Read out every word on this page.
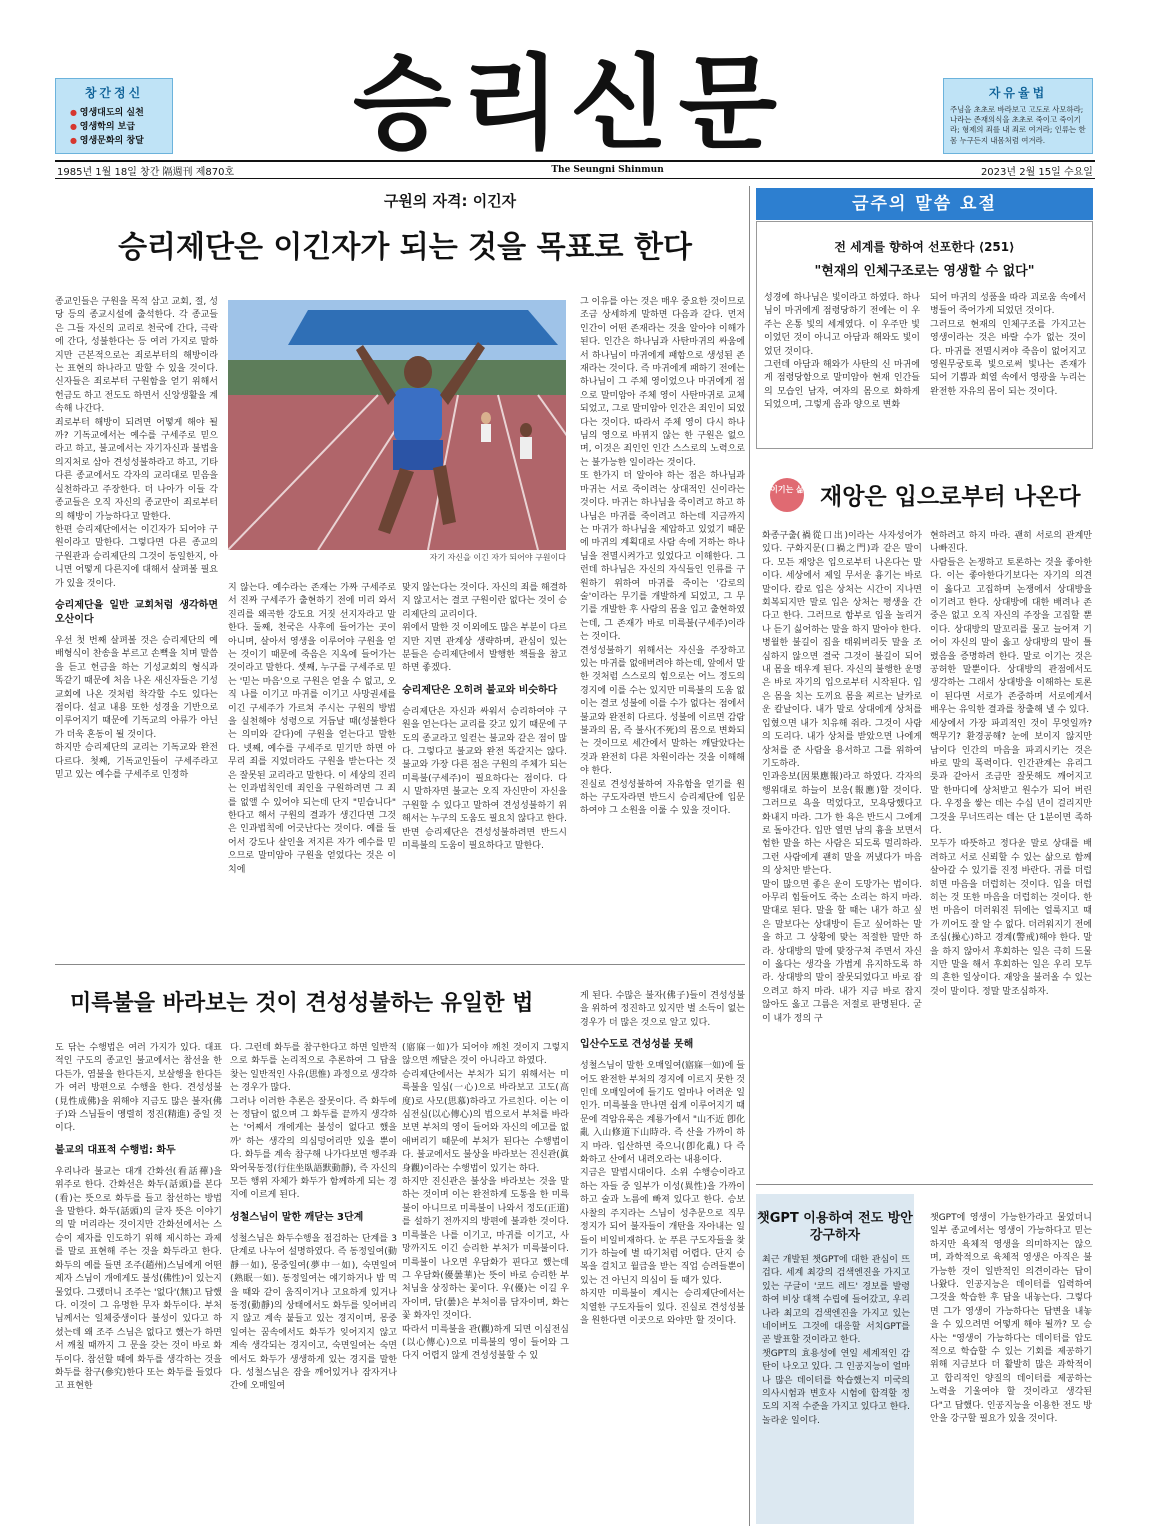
창간정신
● 영생대도의 실천
● 영생학의 보급
● 영생문화의 창달	승리신문	자유율법
주님을 초초로 바라보고 고도로 사모하라; 나라는 존재의식을 초초로 죽이고 죽이기라; 형제의 죄를 내 죄로 여겨라; 인류는 한 몸 누구든지 내몸처럼 여겨라.
1985년 1월 18일 창간 隔週刊 제870호	The Seungni Shinmun	2023년 2월 15일 수요일
구원의 자격: 이긴자
승리제단은 이긴자가 되는 것을 목표로 한다
종교인들은 구원을 목적 삼고 교회, 절, 성당 등의 종교시설에 출석한다. 각 종교들은 그들 자신의 교리로 천국에 간다, 극락에 간다, 성불한다는 등 여러 가지로 말하지만 근본적으로는 죄로부터의 해방이라는 표현의 하나라고 말할 수 있을 것이다. 신자들은 죄로부터 구원함을 얻기 위해서 헌금도 하고 전도도 하면서 신앙생활을 계속해 나간다.
죄로부터 해방이 되려면 어떻게 해야 될까? 기독교에서는 예수를 구세주로 믿으라고 하고, 불교에서는 자기자신과 불법을 의지처로 삼아 견성성불하라고 하고, 기타 다른 종교에서도 각자의 교리대로 믿음을 실천하라고 주장한다. 더 나아가 이들 각 종교들은 오직 자신의 종교만이 죄로부터의 해방이 가능하다고 말한다.
한편 승리제단에서는 이긴자가 되어야 구원이라고 말한다. 그렇다면 다른 종교의 구원관과 승리제단의 그것이 동일한지, 아니면 어떻게 다른지에 대해서 살펴볼 필요가 있을 것이다.
승리제단을 일반 교회처럼 생각하면 오산이다
우선 첫 번째 살펴볼 것은 승리제단의 예배형식이 찬송을 부르고 손뼉을 치며 말씀을 듣고 헌금을 하는 기성교회의 형식과 똑같기 때문에 처음 나온 새신자들은 기성교회에 나온 것처럼 착각할 수도 있다는 점이다. 설교 내용 또한 성경을 기반으로 이루어지기 때문에 기독교의 아류가 아닌가 더욱 혼동이 될 것이다.
하지만 승리제단의 교리는 기독교와 완전 다르다. 첫째, 기독교인들이 구세주라고 믿고 있는 예수를 구세주로 인정하
자기 자신을 이긴 자가 되어야 구원이다
지 않는다. 예수라는 존재는 가짜 구세주로서 진짜 구세주가 출현하기 전에 미리 와서 진리를 왜곡한 강도요 거짓 선지자라고 말한다. 둘째, 천국은 사후에 들어가는 곳이 아니며, 살아서 영생을 이루어야 구원을 얻는 것이기 때문에 죽음은 지옥에 들어가는 것이라고 말한다. 셋째, 누구를 구세주로 믿는 '믿는 마음'으로 구원은 얻을 수 없고, 오직 나를 이기고 마귀를 이기고 사망권세를 이긴 구세주가 가르쳐 주시는 구원의 방법을 실천해야 성령으로 거듭날 때(성불한다는 의미와 같다)에 구원을 얻는다고 말한다. 넷째, 예수를 구세주로 믿기만 하면 아무리 죄를 지었더라도 구원을 받는다는 것은 잘못된 교리라고 말한다. 이 세상의 진리는 인과법칙인데 죄인을 구원하려면 그 죄를 없앨 수 있어야 되는데 단지 "믿습니다" 한다고 해서 구원의 결과가 생긴다면 그것은 인과법칙에 어긋난다는 것이다. 예를 들어서 강도나 살인을 저지른 자가 예수를 믿으므로 말미암아 구원을 얻었다는 것은 이치에
맞지 않는다는 것이다. 자신의 죄를 해결하지 않고서는 결코 구원이란 없다는 것이 승리제단의 교리이다.
위에서 말한 것 이외에도 많은 부분이 다르지만 지면 관계상 생략하며, 관심이 있는 분들은 승리제단에서 발행한 책들을 참고하면 좋겠다.
승리제단은 오히려 불교와 비슷하다
승리제단은 자신과 싸워서 승리하여야 구원을 얻는다는 교리를 갖고 있기 때문에 구도의 종교라고 일컫는 불교와 같은 점이 많다. 그렇다고 불교와 완전 똑같지는 않다. 불교와 가장 다른 점은 구원의 주체가 되는 미륵불(구세주)이 필요하다는 점이다. 다시 말하자면 불교는 오직 자신만이 자신을 구원할 수 있다고 말하여 견성성불하기 위해서는 누구의 도움도 필요치 않다고 한다.
반면 승리제단은 견성성불하려면 반드시 미륵불의 도움이 필요하다고 말한다.
그 이유를 아는 것은 매우 중요한 것이므로 조금 상세하게 말하면 다음과 같다. 먼저 인간이 어떤 존재라는 것을 알아야 이해가 된다. 인간은 하나님과 사탄마귀의 싸움에서 하나님이 마귀에게 패함으로 생성된 존재라는 것이다. 즉 마귀에게 패하기 전에는 하나님이 그 주체 영이었으나 마귀에게 점으로 말미암아 주체 영이 사탄마귀로 교체되었고, 그로 말미암아 인간은 죄인이 되었다는 것이다. 따라서 주체 영이 다시 하나님의 영으로 바뀌지 않는 한 구원은 없으며, 이것은 죄인인 인간 스스로의 노력으로는 불가능한 일이라는 것이다.
또 한가지 더 알아야 하는 점은 하나님과 마귀는 서로 죽이려는 상대적인 신이라는 것이다. 마귀는 하나님을 죽이려고 하고 하나님은 마귀를 죽이려고 하는데 지금까지는 마귀가 하나님을 제압하고 있었기 때문에 마귀의 계획대로 사람 속에 거하는 하나님을 전멸시켜가고 있었다고 이해한다. 그런데 하나님은 자신의 자식들인 인류를 구원하기 위하여 마귀를 죽이는 '감로의 술'이라는 무기를 개발하게 되었고, 그 무기를 개발한 후 사람의 몸을 입고 출현하였는데, 그 존재가 바로 미륵불(구세주)이라는 것이다.
견성성불하기 위해서는 자신을 주장하고 있는 마귀를 없애버려야 하는데, 앞에서 말한 것처럼 스스로의 힘으로는 어느 정도의 경지에 이를 수는 있지만 미륵불의 도움 없이는 결코 성불에 이를 수가 없다는 점에서 불교와 완전히 다르다. 성불에 이르면 감람불과의 몸, 즉 불사(不死)의 몸으로 변화되는 것이므로 세간에서 말하는 깨달았다는 것과 완전히 다른 차원이라는 것을 이해해야 한다.
진실로 견성성불하여 자유함을 얻기를 원하는 구도자라면 반드시 승리제단에 입문하여야 그 소원을 이룰 수 있을 것이다.
금주의 말씀 요절
전 세계를 향하여 선포한다 ⟨251⟩
"현재의 인체구조로는 영생할 수 없다"
성경에 하나님은 빛이라고 하였다. 하나님이 마귀에게 점령당하기 전에는 이 우주는 온통 빛의 세계였다. 이 우주만 빛이었던 것이 아니고 아담과 해와도 빛이었던 것이다.
그런데 아담과 해와가 사탄의 신 마귀에게 점령당함으로 말미암아 현재 인간들의 모습인 남자, 여자의 몸으로 화하게 되었으며, 그렇게 음과 양으로 변화
되어 마귀의 성품을 따라 괴로움 속에서 병들어 죽어가게 되었던 것이다.
그러므로 현재의 인체구조를 가지고는 영생이라는 것은 바랄 수가 없는 것이다. 마귀를 전멸시켜야 죽음이 없어지고 영원무궁토록 빛으로써 빛나는 존재가 되어 기쁨과 희열 속에서 영광을 누리는 완전한 자유의 몸이 되는 것이다.
이기는 삶 재앙은 입으로부터 나온다
화종구출(禍從口出)이라는 사자성어가 있다. 구화지문(口禍之門)과 같은 말이다. 모든 재앙은 입으로부터 나온다는 말이다. 세상에서 제일 무서운 흉기는 바로 말이다. 칼로 입은 상처는 시간이 지나면 회복되지만 말로 입은 상처는 평생을 간다고 한다. 그러므로 함부로 입을 놀리거나 듣기 싫어하는 말을 하지 말아야 한다.
병월한 불길이 집을 태워버리듯 말을 조심하지 않으면 결국 그것이 불길이 되어 내 몸을 태우게 된다. 자신의 불행한 운명은 바로 자기의 입으로부터 시작된다. 입은 몸을 치는 도끼요 몸을 찌르는 날카로운 칼날이다. 내가 말로 상대에게 상처를 입혔으면 내가 치유해 줘라. 그것이 사람의 도리다. 내가 상처를 받았으면 나에게 상처를 준 사람을 용서하고 그를 위하여 기도하라.
인과응보(因果應報)라고 하였다. 각자의 행위대로 하늘이 보응(報應)할 것이다. 그러므로 욕을 먹었다고, 모욕당했다고 화내지 마라. 그가 한 욕은 반드시 그에게로 돌아간다. 입만 열면 남의 흉을 보면서 험한 말을 하는 사람은 되도록 멀리하라. 그런 사람에게 괜히 말을 꺼냈다가 마음의 상처만 받는다.
말이 많으면 좋은 운이 도망가는 법이다. 아무리 힘들어도 죽는 소리는 하지 마라. 말대로 된다. 말을 할 때는 내가 하고 싶은 말보다는 상대방이 듣고 싶어하는 말을 하고 그 상황에 맞는 적절한 말만 하라. 상대방의 말에 맞장구쳐 주면서 자신이 옳다는 생각을 가볍게 유지하도록 하라. 상대방의 말이 잘못되었다고 바로 잡으려고 하지 마라. 내가 지금 바로 잡지 않아도 옳고 그름은 저절로 판명된다. 굳이 내가 정의 구
현하려고 하지 마라. 괜히 서로의 관계만 나빠진다.
사람들은 논쟁하고 토론하는 것을 좋아한다. 이는 좋아한다기보다는 자기의 의견이 옳다고 고집하며 논쟁에서 상대방을 이기려고 한다. 상대방에 대한 배려나 존중은 없고 오직 자신의 주장을 고집할 뿐이다. 상대방의 말꼬리를 물고 늘어져 기어이 자신의 말이 옳고 상대방의 말이 틀렸음을 증명하려 한다. 말로 이기는 것은 공허한 말뿐이다. 상대방의 관점에서도 생각하는 그래서 상대방을 이해하는 토론이 된다면 서로가 존중하며 서로에게서 배우는 유익한 결과를 창출해 낼 수 있다.
세상에서 가장 파괴적인 것이 무엇일까? 핵무기? 환경공해? 눈에 보이지 않지만 남이다 인간의 마음을 파괴시키는 것은 바로 말의 폭력이다. 인간관계는 유리그릇과 같아서 조금만 잘못해도 깨어지고 말 한마디에 상처받고 원수가 되어 버린다. 우정을 쌓는 데는 수십 년이 걸리지만 그것을 무너뜨리는 데는 단 1분이면 족하다.
모두가 따뜻하고 정다운 말로 상대를 배려하고 서로 신뢰할 수 있는 삶으로 함께 살아갈 수 있기를 진정 바란다. 귀를 더럽히면 마음을 더럽히는 것이다. 입을 더럽히는 것 또한 마음을 더럽히는 것이다. 한 번 마음이 더러워진 뒤에는 얼룩지고 때가 끼어도 잘 알 수 없다. 더러워지기 전에 조심(操心)하고 경계(警戒)해야 한다. 말을 하지 않아서 후회하는 일은 극히 드물지만 말을 해서 후회하는 일은 우리 모두의 흔한 일상이다. 재앙을 불러올 수 있는 것이 말이다. 정말 말조심하자.
미륵불을 바라보는 것이 견성성불하는 유일한 법
도 닦는 수행법은 여러 가지가 있다. 대표적인 구도의 종교인 불교에서는 참선을 한다든가, 염불을 한다든지, 보살행을 한다든가 여러 방편으로 수행을 한다. 견성성불(見性成佛)을 위해야 지금도 많은 불자(佛子)와 스님들이 멩렬히 정진(精進) 중일 것이다.
불교의 대표적 수행법: 화두
우리나라 불교는 대개 간화선(看話禪)을 위주로 한다. 간화선은 화두(話頭)를 본다(看)는 뜻으로 화두를 들고 참선하는 방법을 말한다. 화두(話頭)의 글자 뜻은 이야기의 말 머리라는 것이지만 간화선에서는 스승이 제자를 인도하기 위해 제시하는 과제를 말로 표현해 주는 것을 화두라고 한다. 화두의 예를 들면 조주(趙州)스님에게 어떤 제자 스님이 개에게도 불성(佛性)이 있는지 물었다. 그랬더니 조주는 '없다'(無)고 답했다. 이것이 그 유명한 무자 화두이다. 부처님께서는 일체중생이다 불성이 있다고 하셨는데 왜 조주 스님은 없다고 했는가 하면서 깨칠 때까지 그 문을 갖는 것이 바로 화두이다. 참선할 때에 화두를 생각하는 것을 화두를 참구(參究)한다 또는 화두를 들었다고 표현한
다. 그런데 화두를 참구한다고 하면 일반적으로 화두를 논리적으로 추론하여 그 답을 찾는 일반적인 사유(思惟) 과정으로 생각하는 경우가 많다.
그러나 이러한 추론은 잘못이다. 즉 화두에는 정답이 없으며 그 화두를 끝까지 생각하는 '어째서 개에게는 불성이 없다고 했을까' 하는 생각의 의심덩어리만 있을 뿐이다. 화두를 계속 참구해 나가다보면 행주좌와어묵동정(行住坐臥語默動靜), 즉 자신의 모든 행위 자체가 화두가 함께하게 되는 경지에 이르게 된다.
성철스님이 말한 깨닫는 3단계
성철스님은 화두수행을 점검하는 단계를 3단계로 나누어 설명하였다. 즉 동정일여(動靜一如), 몽중일여(夢中一如), 숙면일여(熟眠一如). 동정일여는 얘기하거나 밥 먹을 때와 같이 움직이거나 고요하게 있거나 동정(動靜)의 상태에서도 화두를 잊어버리지 않고 계속 붙들고 있는 경지이며, 몽중일여는 꿈속에서도 화두가 잊어지지 않고 계속 생각되는 경지이고, 숙면일여는 숙면에서도 화두가 생생하게 있는 경지를 말한다. 성철스님은 잠을 깨어있거나 잠자거나 간에 오매일여
(寤寐一如)가 되어야 깨친 것이지 그렇지 않으면 깨달은 것이 아니라고 하였다.
승리제단에서는 부처가 되기 위해서는 미륵불을 일심(一心)으로 바라보고 고도(高度)로 사모(思慕)하라고 가르친다. 이는 이심전심(以心傳心)의 법으로서 부처를 바라보면 부처의 영이 들어와 자신의 에고를 없애버리기 때문에 부처가 된다는 수행법이다. 불교에서도 불상을 바라보는 진신관(眞身觀)이라는 수행법이 있기는 하다.
하지만 진신관은 불상을 바라보는 것을 말하는 것이며 이는 완전하게 도통을 한 미륵불이 아니므로 미륵불이 나와서 정도(正道)를 설하기 전까지의 방편에 불과한 것이다. 미륵불은 나를 이기고, 마귀를 이기고, 사망까지도 이긴 승리한 부처가 미륵불이다. 미륵불이 나오면 우담화가 핀다고 했는데 그 우담화(優曇華)는 뜻이 바로 승리한 부처님을 상징하는 꽃이다. 우(優)는 이길 우자이며, 담(曇)은 부처이름 담자이며, 화는 꽃 화자인 것이다.
따라서 미륵불을 관(觀)하게 되면 이심전심(以心傳心)으로 미륵불의 영이 들어와 그다지 어렵지 않게 견성성불할 수 있
게 된다. 수많은 불자(佛子)들이 견성성불을 위하여 정진하고 있지만 별 소득이 없는 경우가 더 많은 것으로 알고 있다.
입산수도로 견성성불 못해
성철스님이 말한 오매일여(寤寐一如)에 들어도 완전한 부처의 경지에 이르지 못한 것인데 오매일여에 들기도 얼마나 어려운 일인가. 미륵불을 만나면 쉽게 이루어지기 때문에 격암유록은 계룡가에서 "山不近 卽化亂 入山修道下山時라. 즉 산을 가까이 하지 마라. 입산하면 죽으니(卽化亂) 다 즉 화하고 산에서 내려오라는 내용이다.
지금은 말법시대이다. 소위 수행승이라고 하는 자들 중 일부가 이성(異性)을 가까이하고 술과 노름에 빠져 있다고 한다. 승보사찰의 주지라는 스님이 성추문으로 직무정지가 되어 불자들이 개탄을 자아내는 일들이 비일비재하다. 눈 푸른 구도자들을 찾기가 하늘에 별 따기처럼 어렵다. 단지 승복을 걸치고 월급을 받는 직업 승려들뿐이 있는 건 아닌지 의심이 들 때가 있다.
하지만 미륵불이 계시는 승리제단에서는 치열한 구도자들이 있다. 진실로 견성성불을 원한다면 이곳으로 와야만 할 것이다.
챗GPT 이용하여 전도 방안 강구하자
최근 개발된 챗GPT에 대한 관심이 뜨겁다. 세계 최강의 검색엔진을 가지고 있는 구글이 '코드 레드' 경보를 발령하여 비상 대책 수립에 들어갔고, 우리나라 최고의 검색엔진을 가지고 있는 네이버도 그것에 대응할 서치GPT를 곧 발표할 것이라고 한다.
챗GPT의 효용성에 연일 세계적인 감탄이 나오고 있다. 그 인공지능이 얼마나 많은 데이터를 학습했는지 미국의 의사시험과 변호사 시험에 합격할 정도의 지적 수준을 가지고 있다고 한다. 놀라운 일이다.
챗GPT에 영생이 가능한가라고 물었더니 일부 종교에서는 영생이 가능하다고 믿는 하지만 육체적 영생을 의미하지는 않으며, 과학적으로 육체적 영생은 아직은 불가능한 것이 일반적인 의견이라는 답이 나왔다. 인공지능은 데이터를 입력하여 그것을 학습한 후 답을 내놓는다. 그렇다면 그가 영생이 가능하다는 답변을 내놓을 수 있으려면 어떻게 해야 될까? 모 승사는 "영생이 가능하다는 데이터를 압도적으로 학습할 수 있는 기회를 제공하기 위해 지금보다 더 활발히 많은 과학적이고 합리적인 양질의 데이터를 제공하는 노력을 기울여야 할 것이라고 생각된다"고 답했다. 인공지능을 이용한 전도 방안을 강구할 필요가 있을 것이다.
